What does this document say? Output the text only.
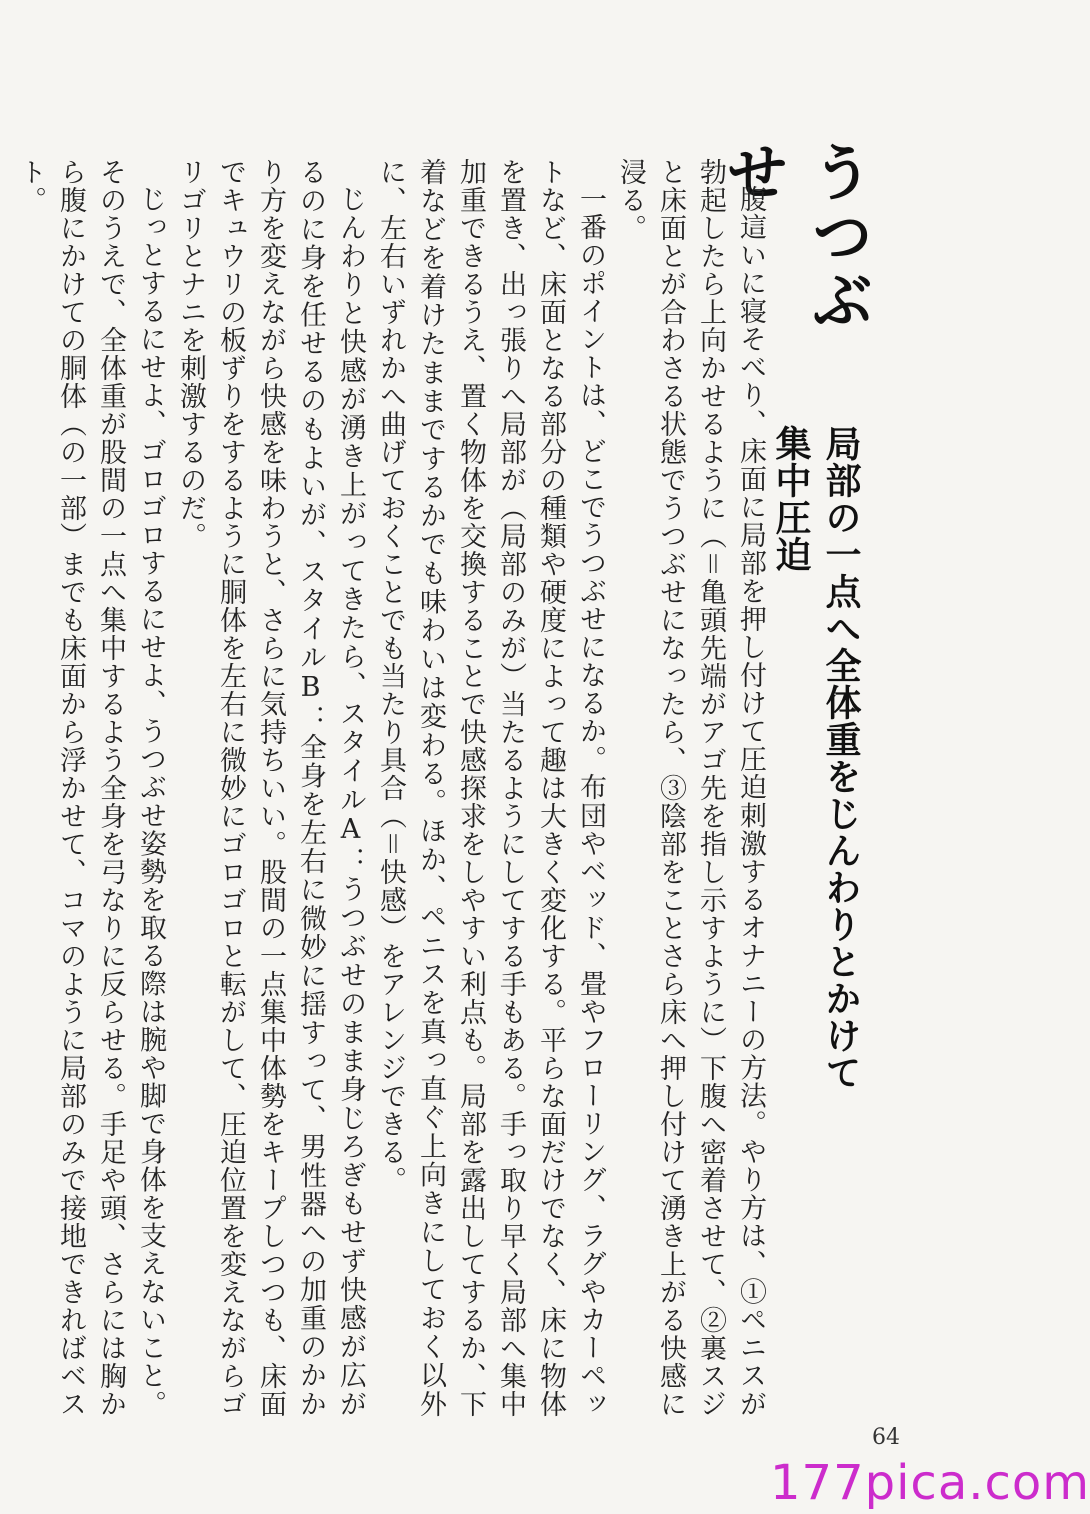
うつぶせ
局部の一点へ全体重をじんわりとかけて集中圧迫

腹這いに寝そべり、床面に局部を押し付けて圧迫刺激するオナニーの方法。やり方は、①ペニスが勃起したら上向かせるように（＝亀頭先端がアゴ先を指し示すように）下腹へ密着させて、②裏スジと床面とが合わさる状態でうつぶせになったら、③陰部をことさら床へ押し付けて湧き上がる快感に浸る。

一番のポイントは、どこでうつぶせになるか。布団やベッド、畳やフローリング、ラグやカーペットなど、床面となる部分の種類や硬度によって趣は大きく変化する。平らな面だけでなく、床に物体を置き、出っ張りへ局部が（局部のみが）当たるようにしてする手もある。手っ取り早く局部へ集中加重できるうえ、置く物体を交換することで快感探求をしやすい利点も。局部を露出してするか、下着などを着けたままでするかでも味わいは変わる。ほか、ペニスを真っ直ぐ上向きにしておく以外に、左右いずれかへ曲げておくことでも当たり具合（＝快感）をアレンジできる。

じんわりと快感が湧き上がってきたら、スタイルA：うつぶせのまま身じろぎもせず快感が広がるのに身を任せるのもよいが、スタイルB：全身を左右に微妙に揺すって、男性器への加重のかかり方を変えながら快感を味わうと、さらに気持ちいい。股間の一点集中体勢をキープしつつも、床面でキュウリの板ずりをするように胴体を左右に微妙にゴロゴロと転がして、圧迫位置を変えながらゴリゴリとナニを刺激するのだ。

じっとするにせよ、ゴロゴロするにせよ、うつぶせ姿勢を取る際は腕や脚で身体を支えないこと。そのうえで、全体重が股間の一点へ集中するよう全身を弓なりに反らせる。手足や頭、さらには胸から腹にかけての胴体（の一部）までも床面から浮かせて、コマのように局部のみで接地できればベスト。

64
177pica.com
